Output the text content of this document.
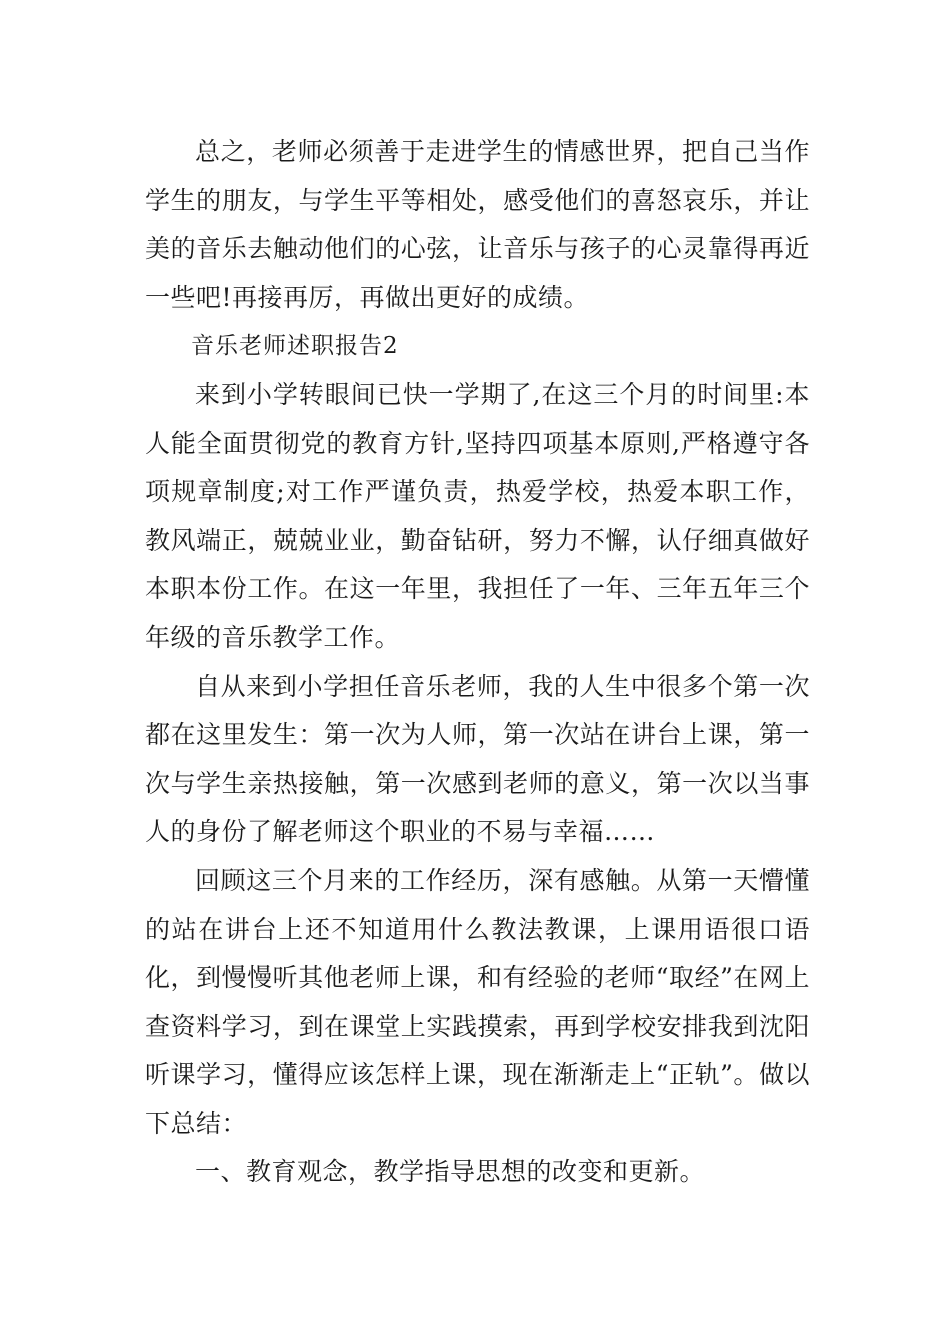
总之，老师必须善于走进学生的情感世界，把自己当作学生的朋友，与学生平等相处，感受他们的喜怒哀乐，并让美的音乐去触动他们的心弦，让音乐与孩子的心灵靠得再近一些吧!再接再厉，再做出更好的成绩。

音乐老师述职报告2

来到小学转眼间已快一学期了,在这三个月的时间里:本人能全面贯彻党的教育方针,坚持四项基本原则,严格遵守各项规章制度;对工作严谨负责，热爱学校，热爱本职工作，教风端正，兢兢业业，勤奋钻研，努力不懈，认仔细真做好本职本份工作。在这一年里，我担任了一年、三年五年三个年级的音乐教学工作。

自从来到小学担任音乐老师，我的人生中很多个第一次都在这里发生：第一次为人师，第一次站在讲台上课，第一次与学生亲热接触，第一次感到老师的意义，第一次以当事人的身份了解老师这个职业的不易与幸福……

回顾这三个月来的工作经历，深有感触。从第一天懵懂的站在讲台上还不知道用什么教法教课，上课用语很口语化，到慢慢听其他老师上课，和有经验的老师“取经”在网上查资料学习，到在课堂上实践摸索，再到学校安排我到沈阳听课学习，懂得应该怎样上课，现在渐渐走上“正轨”。做以下总结：

一、教育观念，教学指导思想的改变和更新。
